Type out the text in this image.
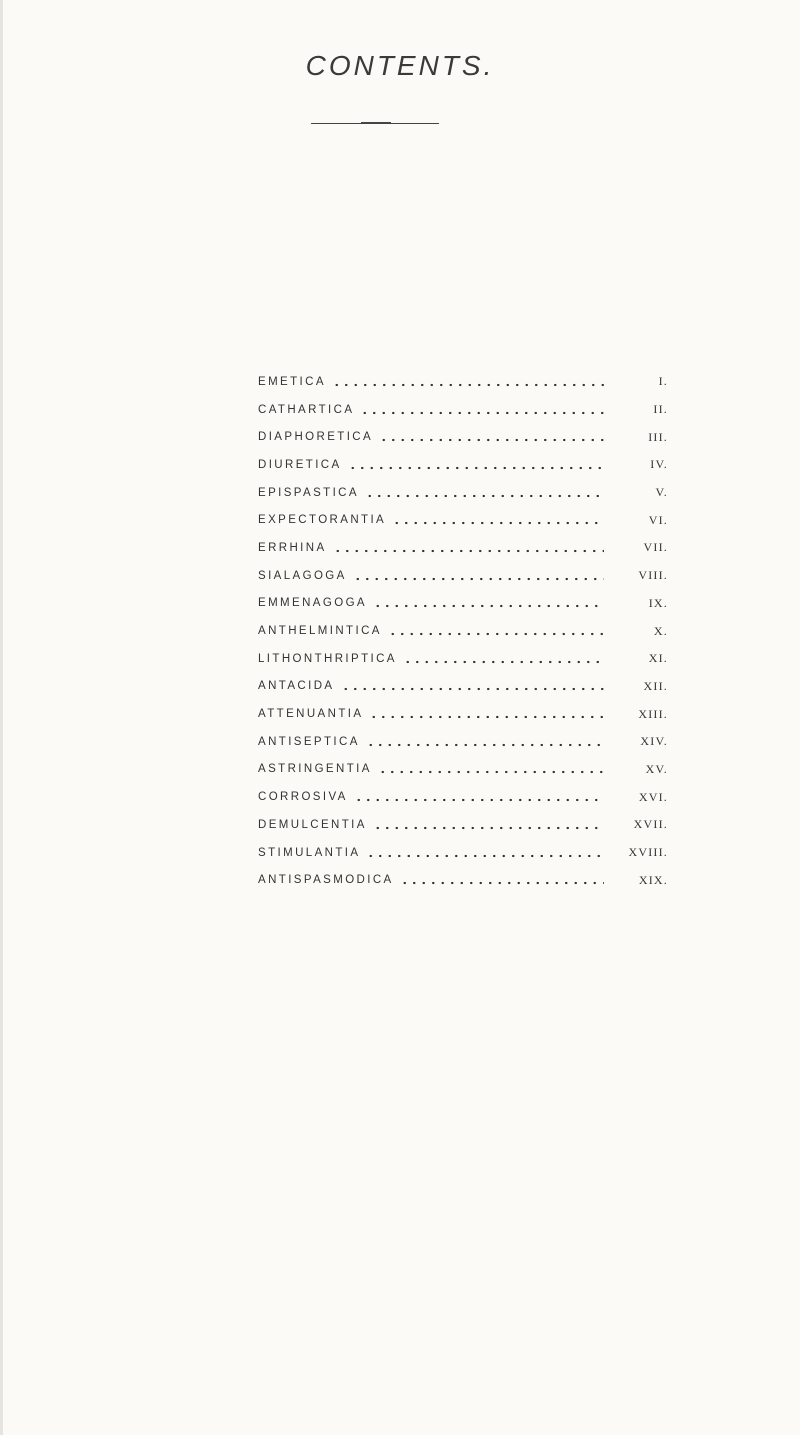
CONTENTS.
EMETICA	I.
CATHARTICA	II.
DIAPHORETICA	III.
DIURETICA	IV.
EPISPASTICA	V.
EXPECTORANTIA	VI.
ERRHINA	VII.
SIALAGOGA	VIII.
EMMENAGOGA	IX.
ANTHELMINTICA	X.
LITHONTHRIPTICA	XI.
ANTACIDA	XII.
ATTENUANTIA	XIII.
ANTISEPTICA	XIV.
ASTRINGENTIA	XV.
CORROSIVA	XVI.
DEMULCENTIA	XVII.
STIMULANTIA	XVIII.
ANTISPASMODICA	XIX.
